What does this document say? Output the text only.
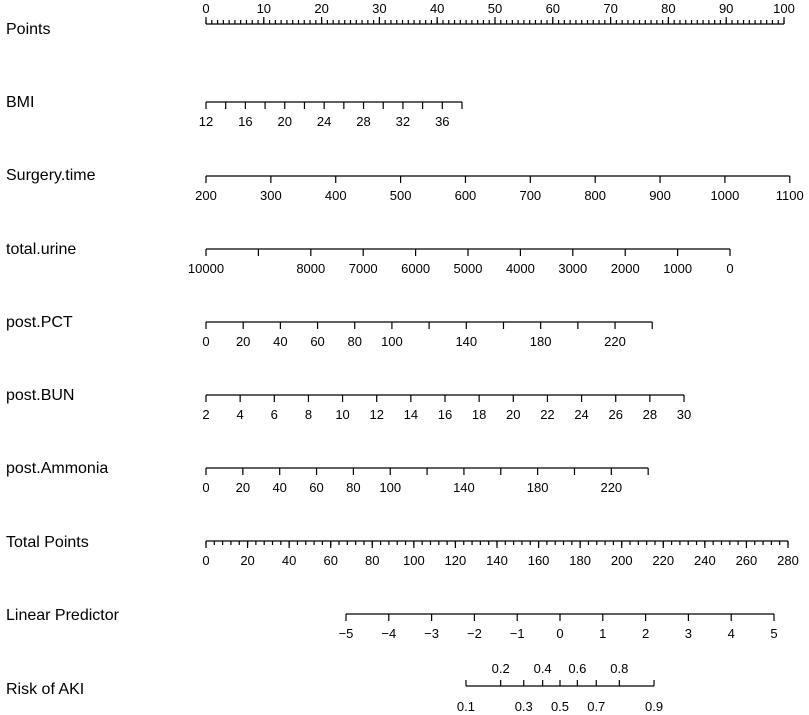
Points
0	10	20	30	40	50	60	70	80	90	100
BMI
12 16 20 24 28 32 36
Surgery.time
200	300	400	500	600	700	800	900	1000	1100
total.urine
10000	8000 7000 6000 5000 4000 3000 2000 1000	0
post.PCT
0 20 40 60 80 100	140	180	220
post.BUN
2 4 6 8 10 12 14 16 18 20 22 24 26 28 30
post.Ammonia
0 20 40 60 80 100	140	180	220
Total Points
0 20 40 60 80 100 120 140 160 180 200 220 240 260 280
Linear Predictor
−5 −4 −3 −2 −1 0	1	2	3	4	5
Risk of AKI
0.2 0.4 0.6 0.8
0.1	0.3 0.5 0.7	0.9
